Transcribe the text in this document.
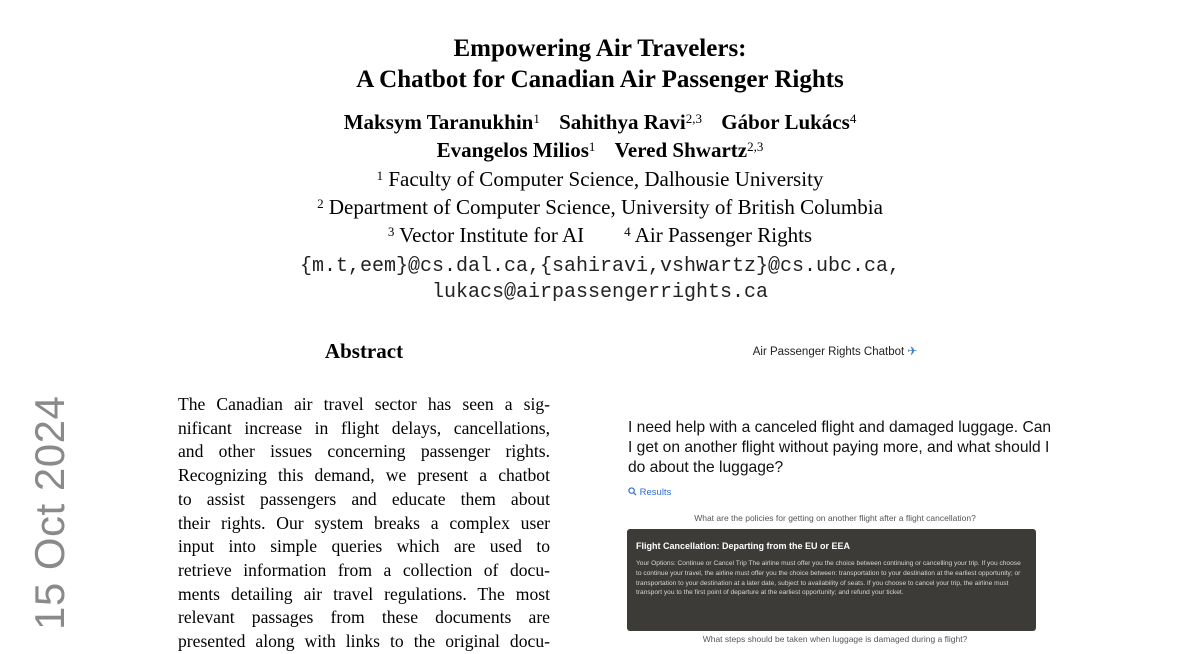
15 Oct 2024
Empowering Air Travelers:
A Chatbot for Canadian Air Passenger Rights
Maksym Taranukhin$^1$ Sahithya Ravi$^{2,3}$ Gábor Lukács$^4$
Evangelos Milios$^1$ Vered Shwartz$^{2,3}$
$^1$ Faculty of Computer Science, Dalhousie University
$^2$ Department of Computer Science, University of British Columbia
$^3$ Vector Institute for AI	$^4$ Air Passenger Rights
{m.t,eem}@cs.dal.ca,{sahiravi,vshwartz}@cs.ubc.ca,
lukacs@airpassengerrights.ca
Abstract
The Canadian air travel sector has seen a sig-
nificant increase in flight delays, cancellations,
and other issues concerning passenger rights.
Recognizing this demand, we present a chatbot
to assist passengers and educate them about
their rights. Our system breaks a complex user
input into simple queries which are used to
retrieve information from a collection of docu-
ments detailing air travel regulations. The most
relevant passages from these documents are
presented along with links to the original docu-
Air Passenger Rights Chatbot ✈
I need help with a canceled flight and damaged luggage. Can I get on another flight without paying more, and what should I do about the luggage?
Results
What are the policies for getting on another flight after a flight cancellation?
Flight Cancellation: Departing from the EU or EEA
Your Options: Continue or Cancel Trip The airline must offer you the choice between continuing or cancelling your trip. If you choose to continue your travel, the airline must offer you the choice between: transportation to your destination at the earliest opportunity; or transportation to your destination at a later date, subject to availability of seats. If you choose to cancel your trip, the airline must transport you to the first point of departure at the earliest opportunity; and refund your ticket.
What steps should be taken when luggage is damaged during a flight?
